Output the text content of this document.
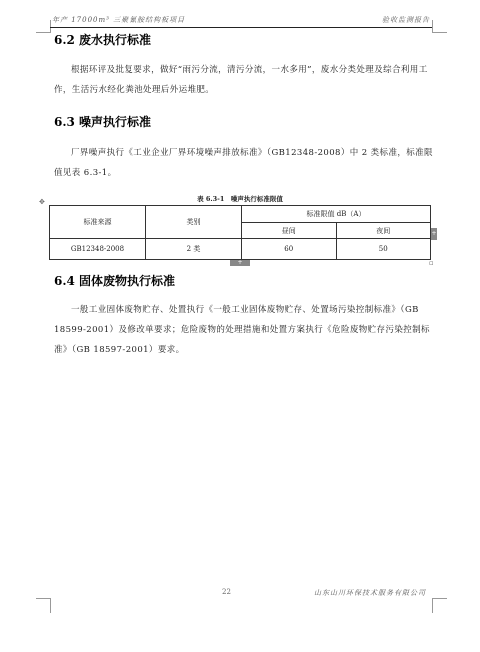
年产 17000m³ 三聚氰胺结构板项目	验收监测报告
6.2 废水执行标准
根据环评及批复要求，做好“雨污分流，清污分流，一水多用”，废水分类处理及综合利用工作，生活污水经化粪池处理后外运堆肥。
6.3 噪声执行标准
厂界噪声执行《工业企业厂界环境噪声排放标准》（GB12348-2008）中 2 类标准，标准限值见表 6.3-1。
表 6.3-1　噪声执行标准限值
✥
标准来源	类别	标准限值 dB（A）	
		昼间	夜间
GB12348-2008	2 类	60	50
+
+	▫
6.4 固体废物执行标准
一般工业固体废物贮存、处置执行《一般工业固体废物贮存、处置场污染控制标准》（GB 18599-2001）及修改单要求；危险废物的处理措施和处置方案执行《危险废物贮存污染控制标准》（GB 18597-2001）要求。
22	山东山川环保技术服务有限公司
